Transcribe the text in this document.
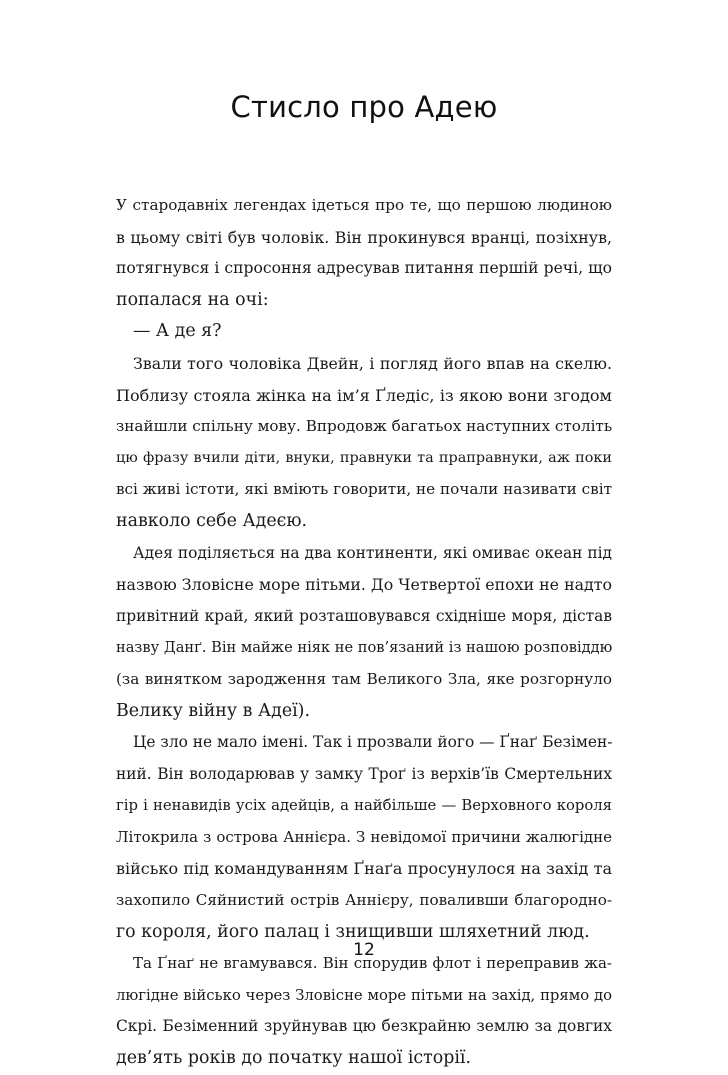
Стисло про Адею
У стародавніх легендах ідеться про те, що першою людиною
в цьому світі був чоловік. Він прокинувся вранці, позіхнув,
потягнувся і спросоння адресував питання першій речі, що
попалася на очі:
— А де я?
Звали того чоловіка Двейн, і погляд його впав на скелю.
Поблизу стояла жінка на ім’я Ґледіс, із якою вони згодом
знайшли спільну мову. Впродовж багатьох наступних століть
цю фразу вчили діти, внуки, правнуки та праправнуки, аж поки
всі живі істоти, які вміють говорити, не почали називати світ
навколо себе Адеєю.
Адея поділяється на два континенти, які омиває океан під
назвою Зловісне море пітьми. До Четвертої епохи не надто
привітний край, який розташовувався східніше моря, дістав
назву Данґ. Він майже ніяк не пов’язаний із нашою розповіддю
(за винятком зародження там Великого Зла, яке розгорнуло
Велику війну в Адеї).
Це зло не мало імені. Так і прозвали його — Ґнаґ Безімен-
ний. Він володарював у замку Троґ із верхів’їв Смертельних
гір і ненавидів усіх адейців, а найбільше — Верховного короля
Літокрила з острова Аннієра. З невідомої причини жалюгідне
військо під командуванням Ґнаґа просунулося на захід та
захопило Сяйнистий острів Аннієру, поваливши благородно-
го короля, його палац і знищивши шляхетний люд.
Та Ґнаґ не вгамувався. Він спорудив флот і переправив жа-
люгідне військо через Зловісне море пітьми на захід, прямо до
Скрі. Безіменний зруйнував цю безкрайню землю за довгих
дев’ять років до початку нашої історії.
12
